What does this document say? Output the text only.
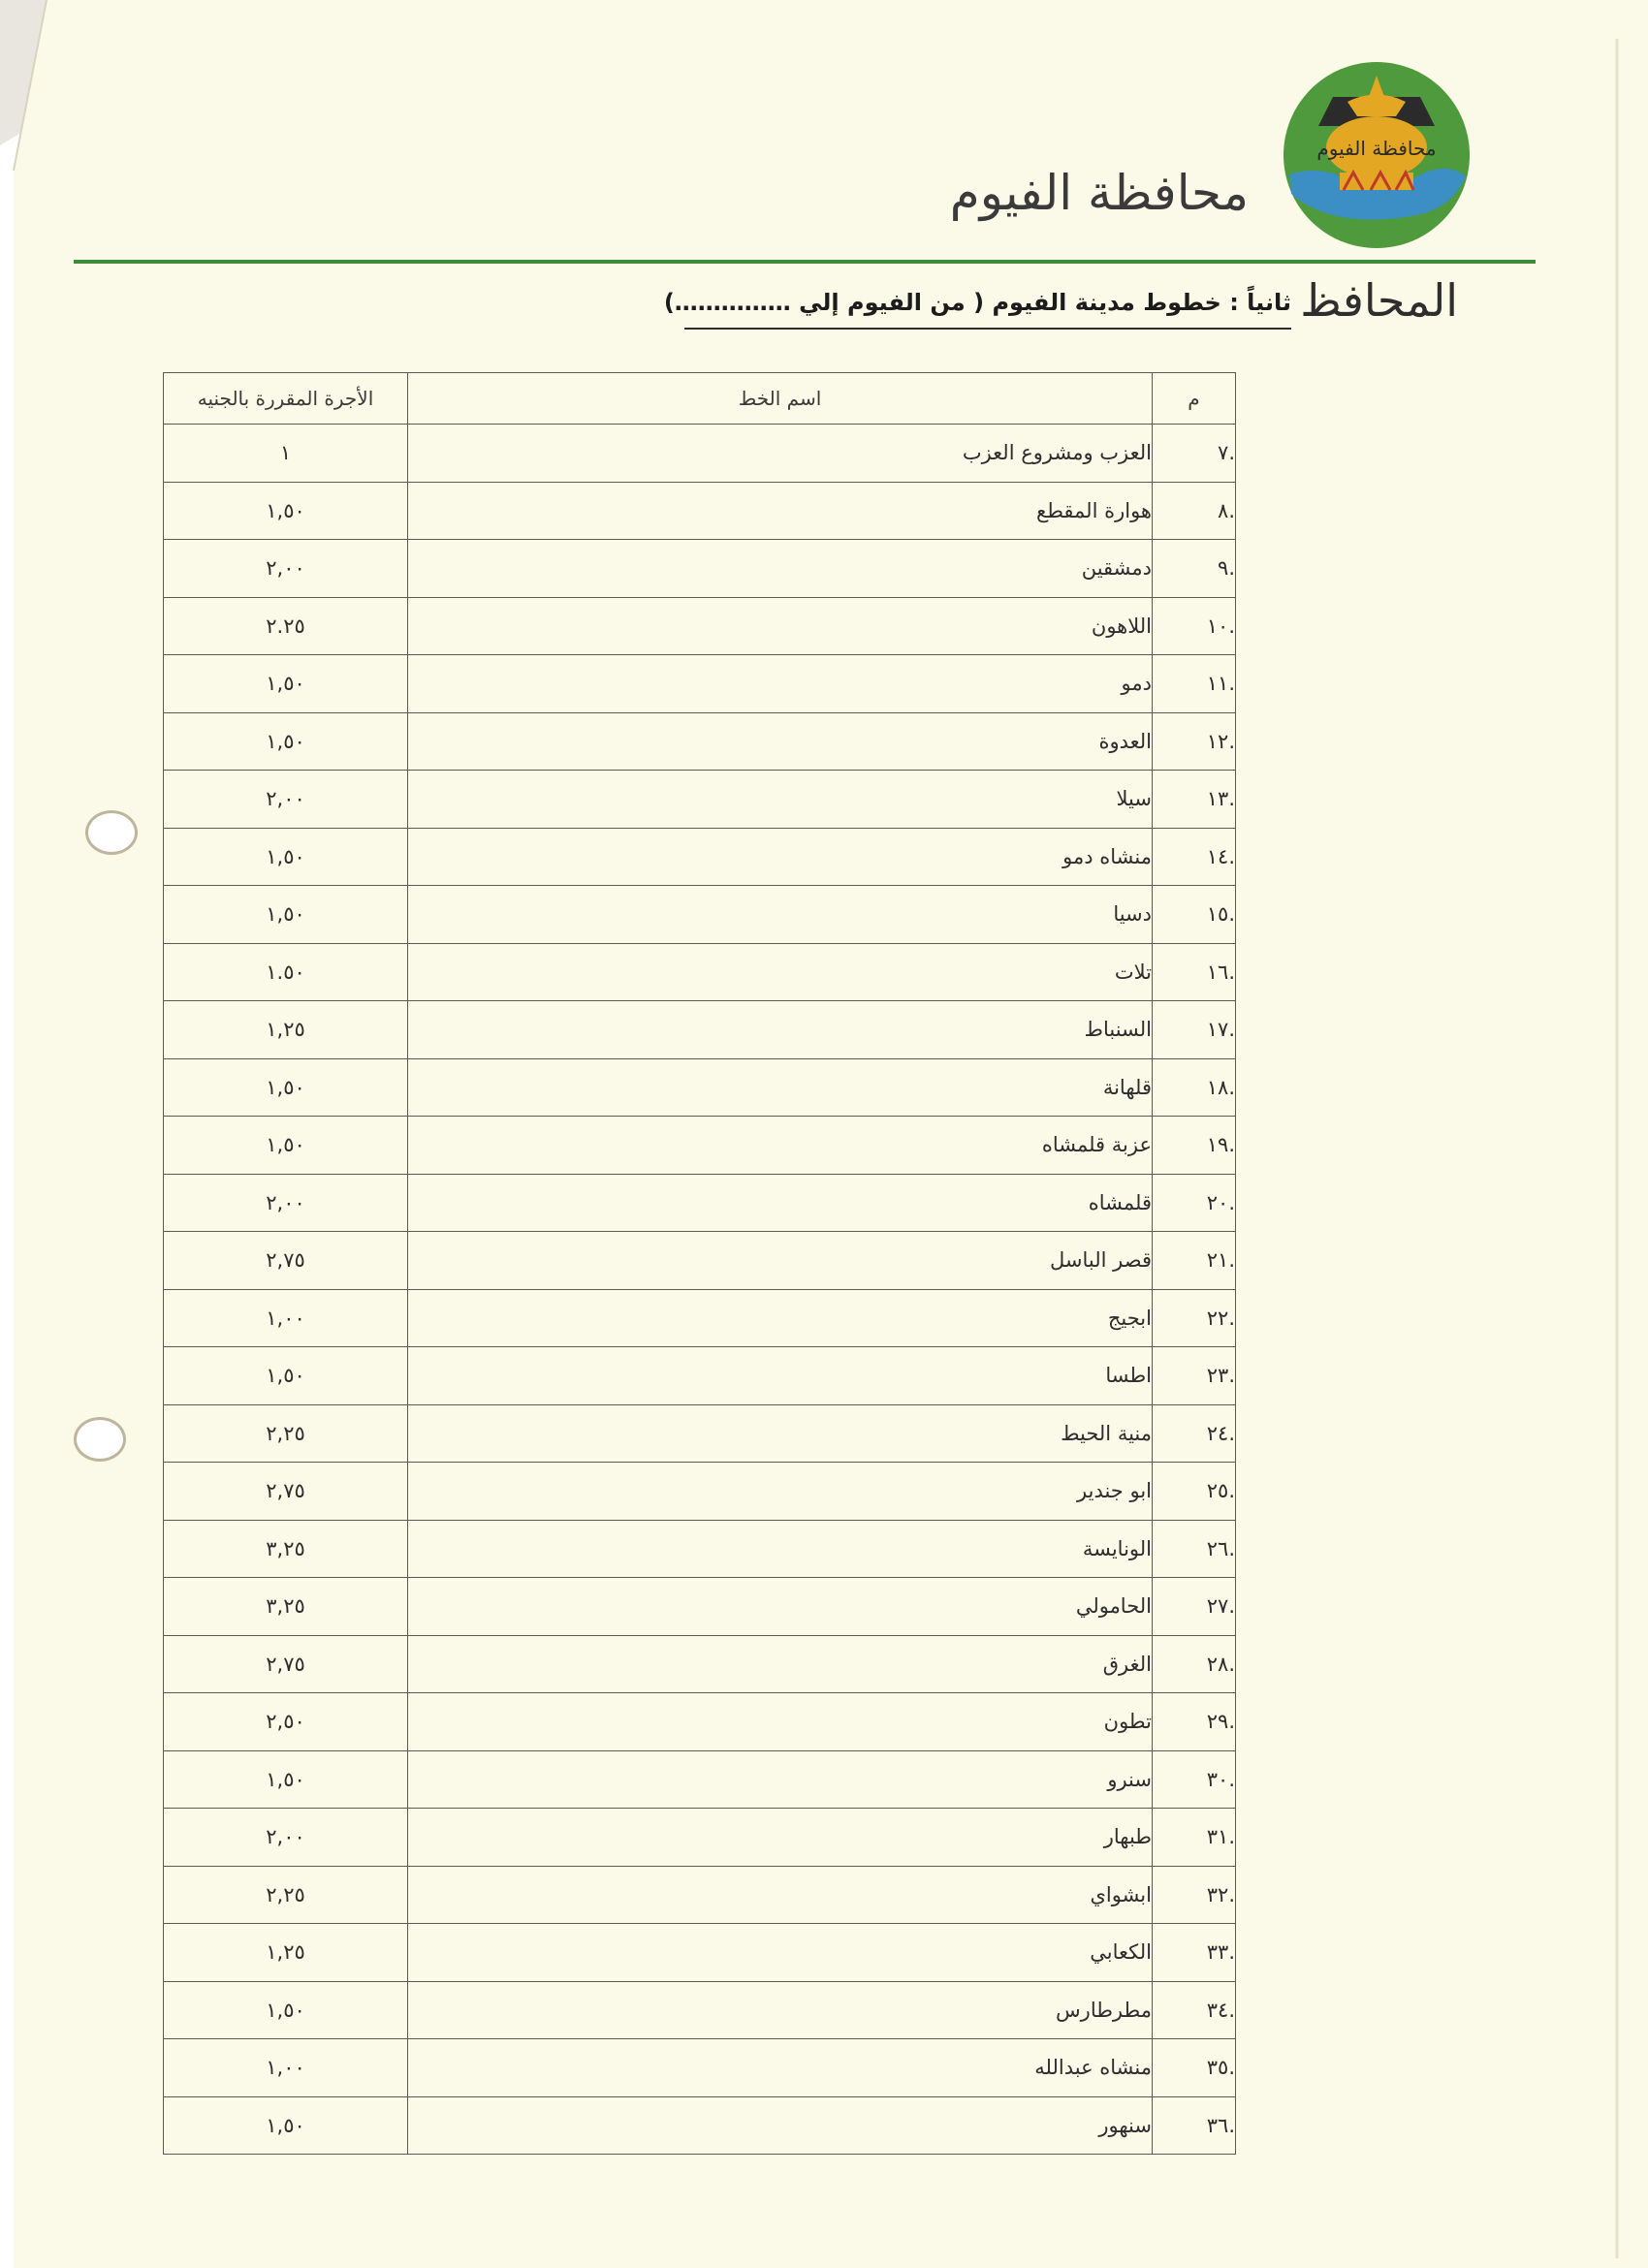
محافظة الفيوم
محافظة الفيوم
المحافظ
ثانياً : خطوط مدينة الفيوم ( من الفيوم إلي ……………)
م	اسم الخط	الأجرة المقررة بالجنيه
.٧	العزب ومشروع العزب	١
.٨	هوارة المقطع	١,٥٠
.٩	دمشقين	٢,٠٠
.١٠	اللاهون	٢.٢٥
.١١	دمو	١,٥٠
.١٢	العدوة	١,٥٠
.١٣	سيلا	٢,٠٠
.١٤	منشاه دمو	١,٥٠
.١٥	دسيا	١,٥٠
.١٦	تلات	١.٥٠
.١٧	السنباط	١,٢٥
.١٨	قلهانة	١,٥٠
.١٩	عزبة قلمشاه	١,٥٠
.٢٠	قلمشاه	٢,٠٠
.٢١	قصر الباسل	٢,٧٥
.٢٢	ابجيج	١,٠٠
.٢٣	اطسا	١,٥٠
.٢٤	منية الحيط	٢,٢٥
.٢٥	ابو جندير	٢,٧٥
.٢٦	الونايسة	٣,٢٥
.٢٧	الحامولي	٣,٢٥
.٢٨	الغرق	٢,٧٥
.٢٩	تطون	٢,٥٠
.٣٠	سنرو	١,٥٠
.٣١	طبهار	٢,٠٠
.٣٢	ابشواي	٢,٢٥
.٣٣	الكعابي	١,٢٥
.٣٤	مطرطارس	١,٥٠
.٣٥	منشاه عبدالله	١,٠٠
.٣٦	سنهور	١,٥٠
